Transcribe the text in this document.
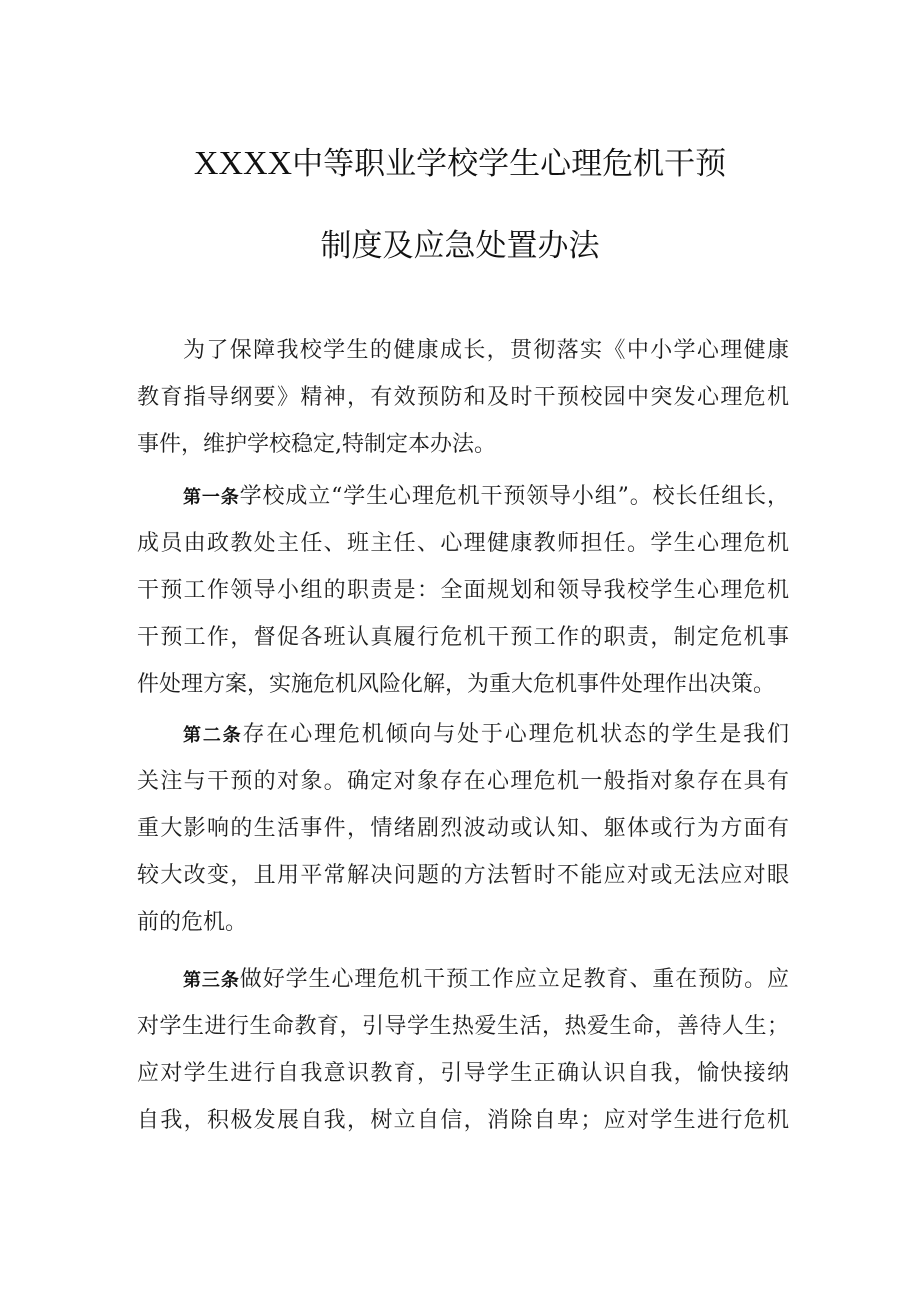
XXXX中等职业学校学生心理危机干预
制度及应急处置办法
为了保障我校学生的健康成长，贯彻落实《中小学心理健康
教育指导纲要》精神，有效预防和及时干预校园中突发心理危机
事件，维护学校稳定,特制定本办法。
第一条学校成立“学生心理危机干预领导小组”。校长任组长，
成员由政教处主任、班主任、心理健康教师担任。学生心理危机
干预工作领导小组的职责是：全面规划和领导我校学生心理危机
干预工作，督促各班认真履行危机干预工作的职责，制定危机事
件处理方案，实施危机风险化解，为重大危机事件处理作出决策。
第二条存在心理危机倾向与处于心理危机状态的学生是我们
关注与干预的对象。确定对象存在心理危机一般指对象存在具有
重大影响的生活事件，情绪剧烈波动或认知、躯体或行为方面有
较大改变，且用平常解决问题的方法暂时不能应对或无法应对眼
前的危机。
第三条做好学生心理危机干预工作应立足教育、重在预防。应
对学生进行生命教育，引导学生热爱生活，热爱生命，善待人生；
应对学生进行自我意识教育，引导学生正确认识自我，愉快接纳
自我，积极发展自我，树立自信，消除自卑；应对学生进行危机
